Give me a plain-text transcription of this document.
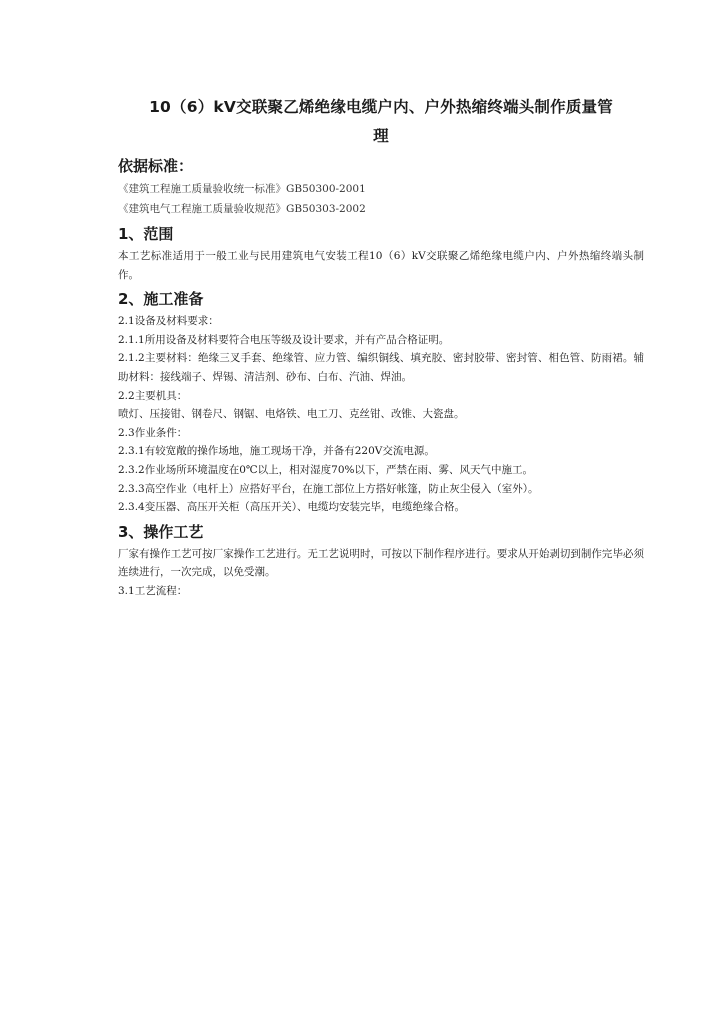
10（6）kV交联聚乙烯绝缘电缆户内、户外热缩终端头制作质量管
理
依据标准：

《建筑工程施工质量验收统一标准》GB50300-2001

《建筑电气工程施工质量验收规范》GB50303-2002

1、范围

本工艺标准适用于一般工业与民用建筑电气安装工程10（6）kV交联聚乙烯绝缘电缆户内、户外热缩终端头制作。

2、施工准备

2.1设备及材料要求：

2.1.1所用设备及材料要符合电压等级及设计要求，并有产品合格证明。

2.1.2主要材料：绝缘三叉手套、绝缘管、应力管、编织铜线、填充胶、密封胶带、密封管、相色管、防雨裙。辅助材料：接线端子、焊锡、清洁剂、砂布、白布、汽油、焊油。

2.2主要机具：

喷灯、压接钳、钢卷尺、钢锯、电烙铁、电工刀、克丝钳、改锥、大瓷盘。

2.3作业条件：

2.3.1有较宽敞的操作场地，施工现场干净，并备有220V交流电源。

2.3.2作业场所环境温度在0℃以上，相对湿度70%以下，严禁在雨、雾、风天气中施工。

2.3.3高空作业（电杆上）应搭好平台，在施工部位上方搭好帐篷，防止灰尘侵入（室外）。

2.3.4变压器、高压开关柜（高压开关）、电缆均安装完毕，电缆绝缘合格。

3、操作工艺

厂家有操作工艺可按厂家操作工艺进行。无工艺说明时，可按以下制作程序进行。要求从开始剥切到制作完毕必须连续进行，一次完成，以免受潮。

3.1工艺流程：
